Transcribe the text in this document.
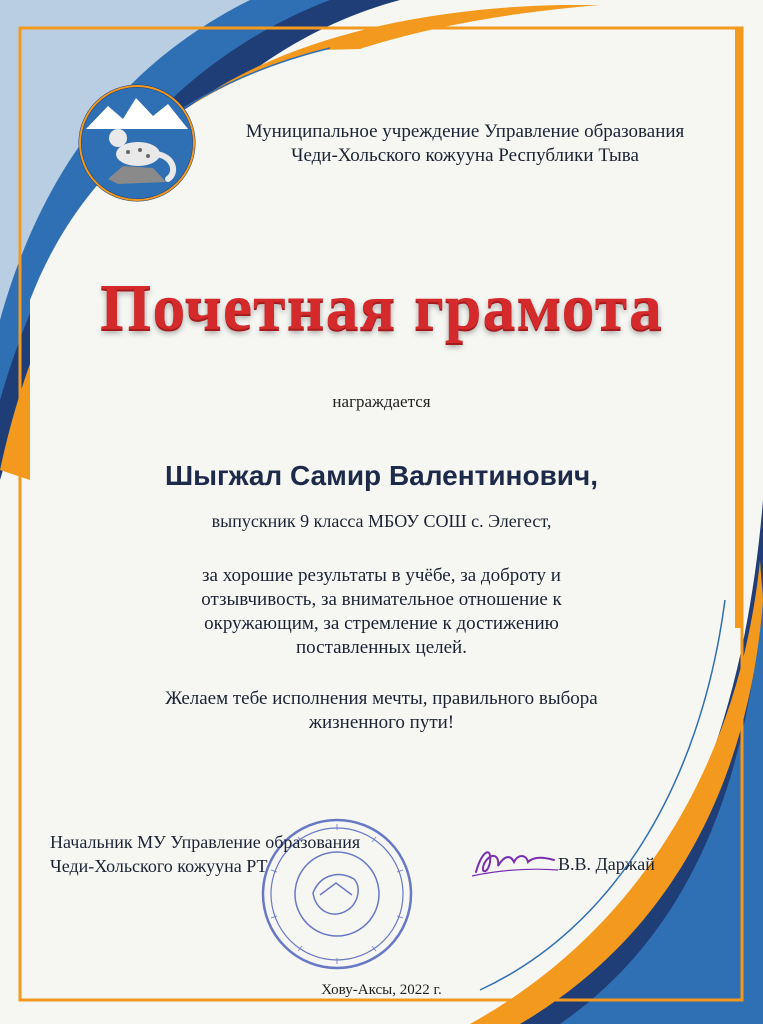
Муниципальное учреждение Управление образования
Чеди-Хольского кожууна Республики Тыва
Почетная грамота
награждается
Шыгжал Самир Валентинович,
выпускник 9 класса МБОУ СОШ с. Элегест,
за хорошие результаты в учёбе, за доброту и
отзывчивость, за внимательное отношение к
окружающим, за стремление к достижению
поставленных целей.
Желаем тебе исполнения мечты, правильного выбора
жизненного пути!
Начальник МУ Управление образования
Чеди-Хольского кожууна РТ	В.В. Даржай
Хову-Аксы, 2022 г.
